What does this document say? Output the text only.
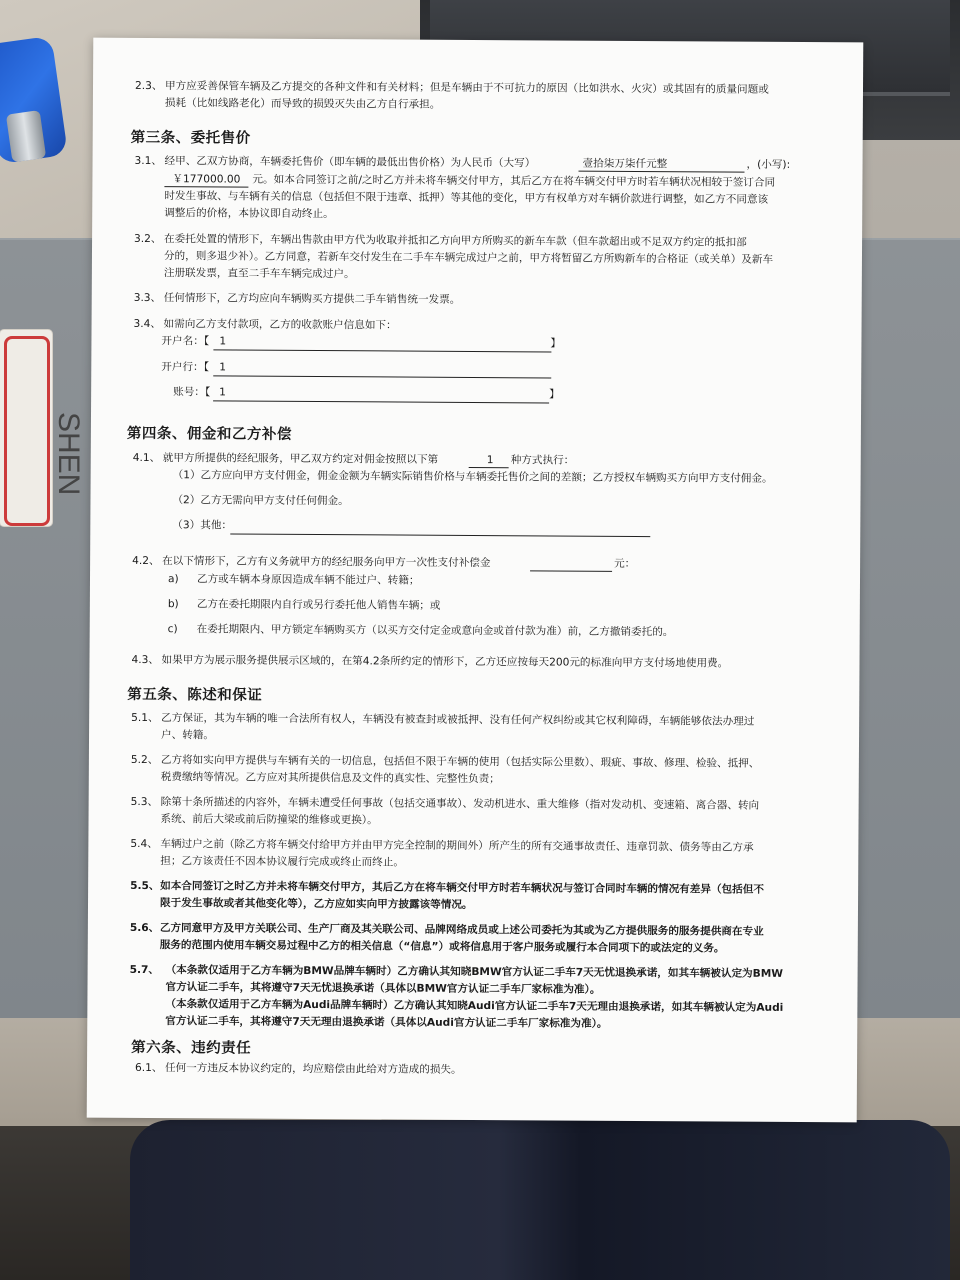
2.3、 甲方应妥善保管车辆及乙方提交的各种文件和有关材料；但是车辆由于不可抗力的原因（比如洪水、火灾）或其固有的质量问题或
损耗（比如线路老化）而导致的损毁灭失由乙方自行承担。
第三条、委托售价
3.1、 经甲、乙双方协商，车辆委托售价（即车辆的最低出售价格）为人民币（大写）	壹拾柒万柒仟元整	，(小写):
￥177000.00 元。如本合同签订之前/之时乙方并未将车辆交付甲方，其后乙方在将车辆交付甲方时若车辆状况相较于签订合同
时发生事故、与车辆有关的信息（包括但不限于违章、抵押）等其他的变化，甲方有权单方对车辆价款进行调整，如乙方不同意该
调整后的价格，本协议即自动终止。
3.2、 在委托处置的情形下，车辆出售款由甲方代为收取并抵扣乙方向甲方所购买的新车车款（但车款超出或不足双方约定的抵扣部
分的，则多退少补）。乙方同意，若新车交付发生在二手车车辆完成过户之前，甲方将暂留乙方所购新车的合格证（或关单）及新车
注册联发票，直至二手车车辆完成过户。
3.3、 任何情形下，乙方均应向车辆购买方提供二手车销售统一发票。
3.4、 如需向乙方支付款项，乙方的收款账户信息如下：
开户名：【 1	】
开户行：【 1
账号：【 1	】
第四条、佣金和乙方补偿
4.1、 就甲方所提供的经纪服务，甲乙双方约定对佣金按照以下第	1 种方式执行：
（1）乙方应向甲方支付佣金，佣金金额为车辆实际销售价格与车辆委托售价之间的差额；乙方授权车辆购买方向甲方支付佣金。
（2）乙方无需向甲方支付任何佣金。
（3）其他：
4.2、 在以下情形下，乙方有义务就甲方的经纪服务向甲方一次性支付补偿金	元：
a) 乙方或车辆本身原因造成车辆不能过户、转籍；
b) 乙方在委托期限内自行或另行委托他人销售车辆；或
c) 在委托期限内、甲方锁定车辆购买方（以买方交付定金或意向金或首付款为准）前，乙方撤销委托的。
4.3、 如果甲方为展示服务提供展示区域的，在第4.2条所约定的情形下，乙方还应按每天200元的标准向甲方支付场地使用费。
第五条、陈述和保证
5.1、 乙方保证，其为车辆的唯一合法所有权人，车辆没有被查封或被抵押、没有任何产权纠纷或其它权利障碍，车辆能够依法办理过
户、转籍。
5.2、 乙方将如实向甲方提供与车辆有关的一切信息，包括但不限于车辆的使用（包括实际公里数）、瑕疵、事故、修理、检验、抵押、
税费缴纳等情况。乙方应对其所提供信息及文件的真实性、完整性负责；
5.3、 除第十条所描述的内容外，车辆未遭受任何事故（包括交通事故）、发动机进水、重大维修（指对发动机、变速箱、离合器、转向
系统、前后大梁或前后防撞梁的维修或更换）。
5.4、 车辆过户之前（除乙方将车辆交付给甲方并由甲方完全控制的期间外）所产生的所有交通事故责任、违章罚款、债务等由乙方承
担；乙方该责任不因本协议履行完成或终止而终止。
5.5、 如本合同签订之时乙方并未将车辆交付甲方，其后乙方在将车辆交付甲方时若车辆状况与签订合同时车辆的情况有差异（包括但不
限于发生事故或者其他变化等），乙方应如实向甲方披露该等情况。
5.6、 乙方同意甲方及甲方关联公司、生产厂商及其关联公司、品牌网络成员或上述公司委托为其或为乙方提供服务的服务提供商在专业
服务的范围内使用车辆交易过程中乙方的相关信息（“信息”）或将信息用于客户服务或履行本合同项下的或法定的义务。
5.7、 （本条款仅适用于乙方车辆为BMW品牌车辆时）乙方确认其知晓BMW官方认证二手车7天无忧退换承诺，如其车辆被认定为BMW
官方认证二手车，其将遵守7天无忧退换承诺（具体以BMW官方认证二手车厂家标准为准）。
（本条款仅适用于乙方车辆为Audi品牌车辆时）乙方确认其知晓Audi官方认证二手车7天无理由退换承诺，如其车辆被认定为Audi
官方认证二手车，其将遵守7天无理由退换承诺（具体以Audi官方认证二手车厂家标准为准）。
第六条、违约责任
6.1、 任何一方违反本协议约定的，均应赔偿由此给对方造成的损失。
